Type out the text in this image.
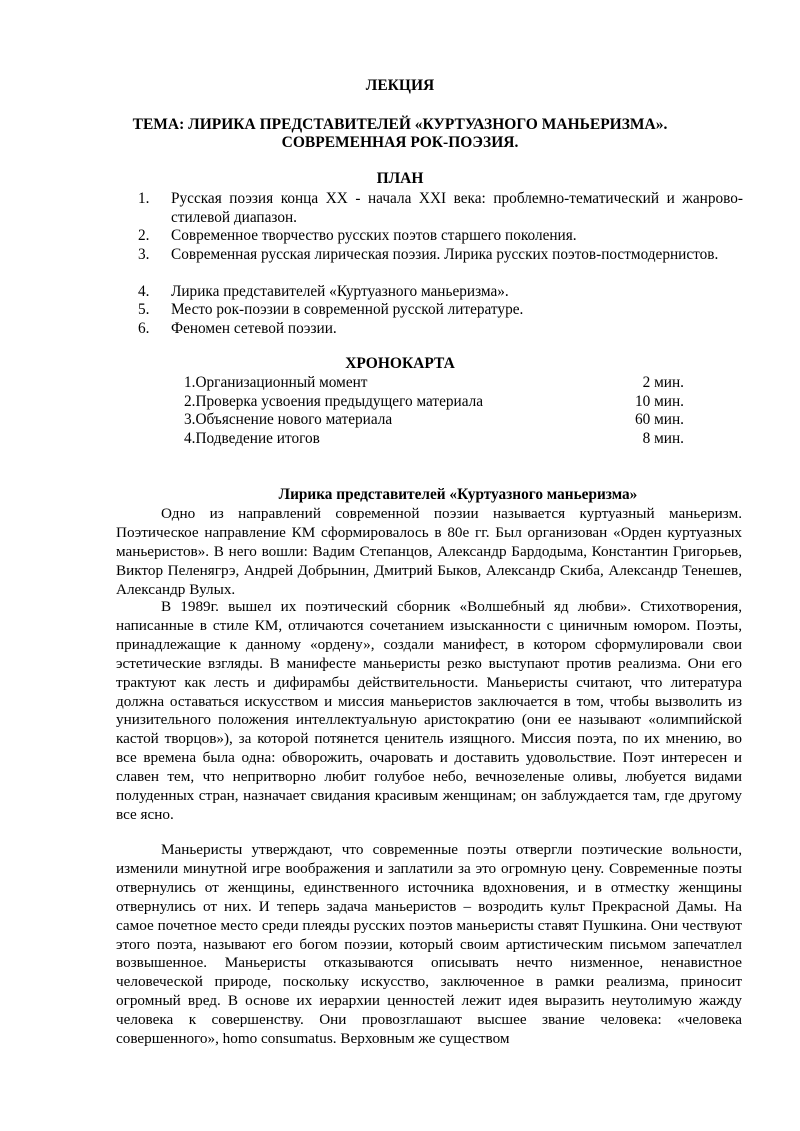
ЛЕКЦИЯ
ТЕМА: ЛИРИКА ПРЕДСТАВИТЕЛЕЙ «КУРТУАЗНОГО МАНЬЕРИЗМА».
СОВРЕМЕННАЯ РОК-ПОЭЗИЯ.
ПЛАН
1.	Русская поэзия конца XX - начала XXI века: проблемно-тематический и жанрово-стилевой диапазон.
2.	Современное творчество русских поэтов старшего поколения.
3.	Современная русская лирическая поэзия. Лирика русских поэтов-постмодернистов.
4.	Лирика представителей «Куртуазного маньеризма».
5.	Место рок-поэзии в современной русской литературе.
6.	Феномен сетевой поэзии.
ХРОНОКАРТА
1.Организационный момент	2 мин.
2.Проверка усвоения предыдущего материала	10 мин.
3.Объяснение нового материала	60 мин.
4.Подведение итогов	8 мин.
Лирика представителей «Куртуазного маньеризма»
Одно из направлений современной поэзии называется куртуазный маньеризм. Поэтическое направление КМ сформировалось в 80е гг. Был организован «Орден куртуазных маньеристов». В него вошли: Вадим Степанцов, Александр Бардодыма, Константин Григорьев, Виктор Пеленягрэ, Андрей Добрынин, Дмитрий Быков, Александр Скиба, Александр Тенешев, Александр Вулых.
В 1989г. вышел их поэтический сборник «Волшебный яд любви». Стихотворения, написанные в стиле КМ, отличаются сочетанием изысканности с циничным юмором. Поэты, принадлежащие к данному «ордену», создали манифест, в котором сформулировали свои эстетические взгляды. В манифесте маньеристы резко выступают против реализма. Они его трактуют как лесть и дифирамбы действительности. Маньеристы считают, что литература должна оставаться искусством и миссия маньеристов заключается в том, чтобы вызволить из унизительного положения интеллектуальную аристократию (они ее называют «олимпийской кастой творцов»), за которой потянется ценитель изящного. Миссия поэта, по их мнению, во все времена была одна: обворожить, очаровать и доставить удовольствие. Поэт интересен и славен тем, что непритворно любит голубое небо, вечнозеленые оливы, любуется видами полуденных стран, назначает свидания красивым женщинам; он заблуждается там, где другому все ясно.
Маньеристы утверждают, что современные поэты отвергли поэтические вольности, изменили минутной игре воображения и заплатили за это огромную цену. Современные поэты отвернулись от женщины, единственного источника вдохновения, и в отместку женщины отвернулись от них. И теперь задача маньеристов – возродить культ Прекрасной Дамы. На самое почетное место среди плеяды русских поэтов маньеристы ставят Пушкина. Они чествуют этого поэта, называют его богом поэзии, который своим артистическим письмом запечатлел возвышенное. Маньеристы отказываются описывать нечто низменное, ненавистное человеческой природе, поскольку искусство, заключенное в рамки реализма, приносит огромный вред. В основе их иерархии ценностей лежит идея выразить неутолимую жажду человека к совершенству. Они провозглашают высшее звание человека: «человека совершенного», homo consumatus. Верховным же существом
